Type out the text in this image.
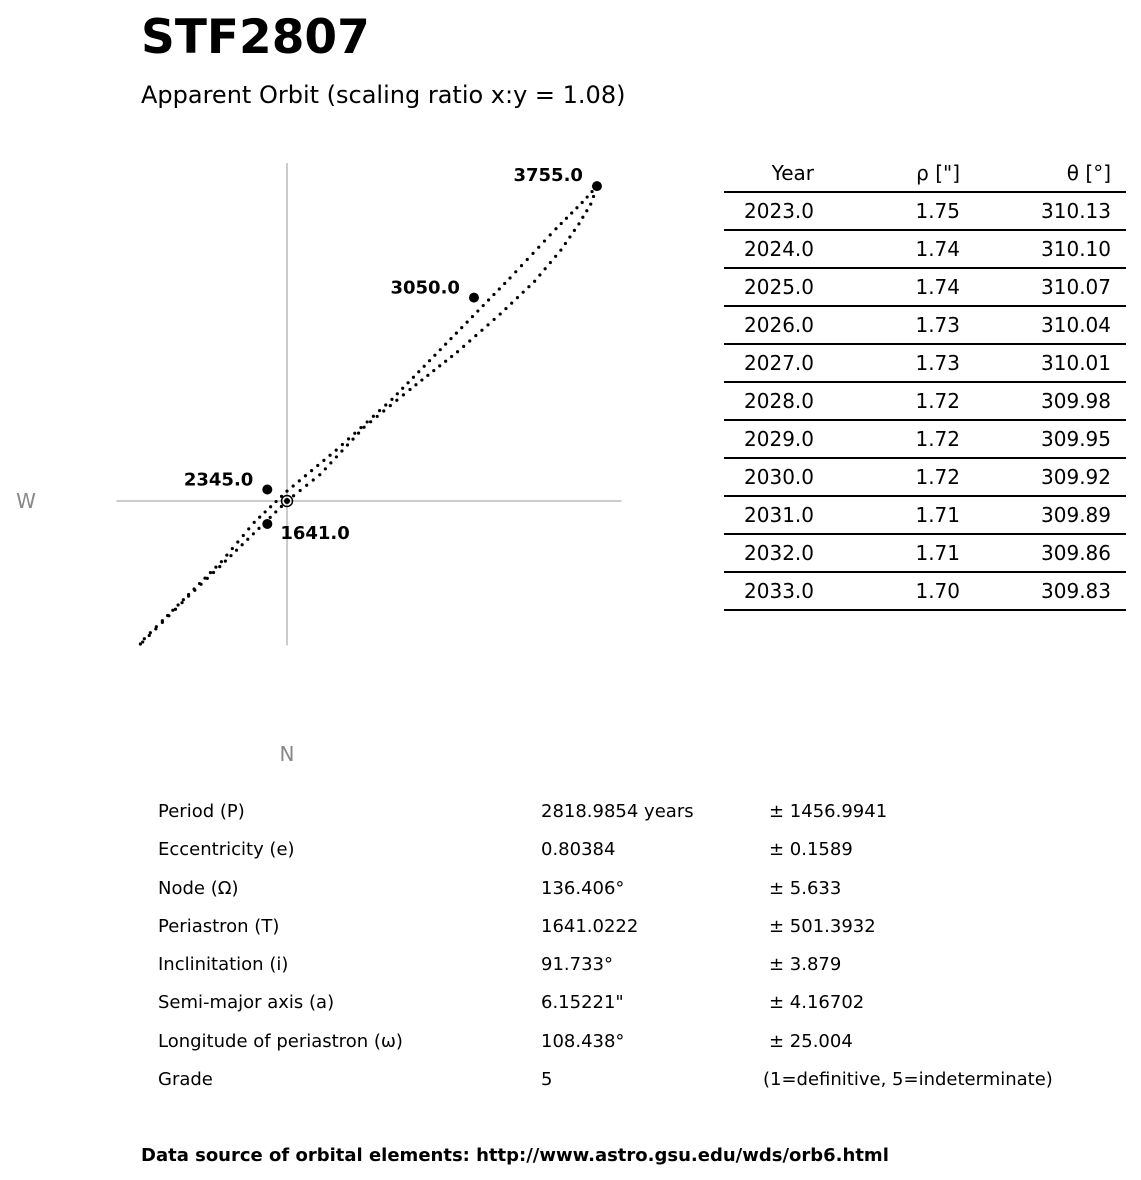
STF2807
Apparent Orbit (scaling ratio x:y = 1.08)
3755.0
3050.0
2345.0
1641.0
W
N
Year	ρ ["]	θ [°]	
2023.0	1.75	310.13	
2024.0	1.74	310.10	
2025.0	1.74	310.07	
2026.0	1.73	310.04	
2027.0	1.73	310.01	
2028.0	1.72	309.98	
2029.0	1.72	309.95	
2030.0	1.72	309.92	
2031.0	1.71	309.89	
2032.0	1.71	309.86	
2033.0	1.70	309.83	
Period (P)	2818.9854 years	± 1456.9941
Eccentricity (e)	0.80384	± 0.1589
Node (Ω)	136.406°	± 5.633
Periastron (T)	1641.0222	± 501.3932
Inclinitation (i)	91.733°	± 3.879
Semi-major axis (a)	6.15221"	± 4.16702
Longitude of periastron (ω)	108.438°	± 25.004
Grade	5	(1=definitive, 5=indeterminate)
Data source of orbital elements: http://www.astro.gsu.edu/wds/orb6.html
